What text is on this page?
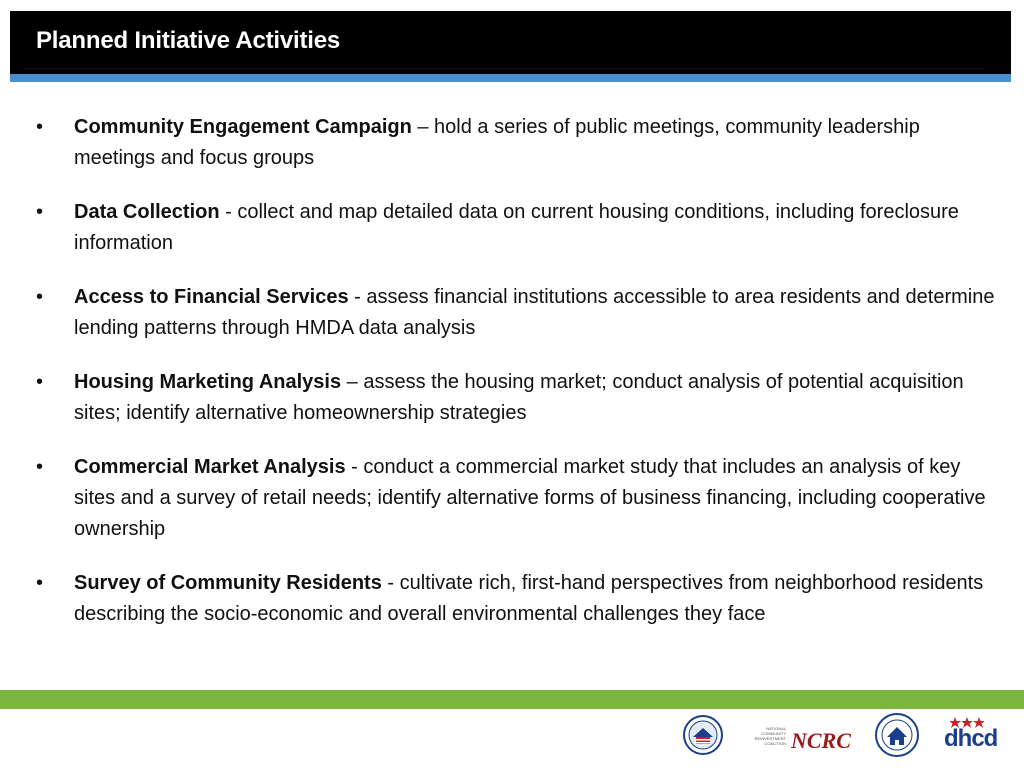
Planned Initiative Activities
•	Community Engagement Campaign – hold a series of public meetings, community leadership meetings and focus groups
•	Data Collection - collect and map detailed data on current housing conditions, including foreclosure information
•	Access to Financial Services - assess financial institutions accessible to area residents and determine lending patterns through HMDA data analysis
•	Housing Marketing Analysis – assess the housing market; conduct analysis of potential acquisition sites; identify alternative homeownership strategies
•	Commercial Market Analysis - conduct a commercial market study that includes an analysis of key sites and a survey of retail needs; identify alternative forms of business financing, including cooperative ownership
•	Survey of Community Residents - cultivate rich, first-hand perspectives from neighborhood residents describing the socio-economic and overall environmental challenges they face
NATIONAL COMMUNITY REINVESTMENT COALITION NCRC	dhcd
